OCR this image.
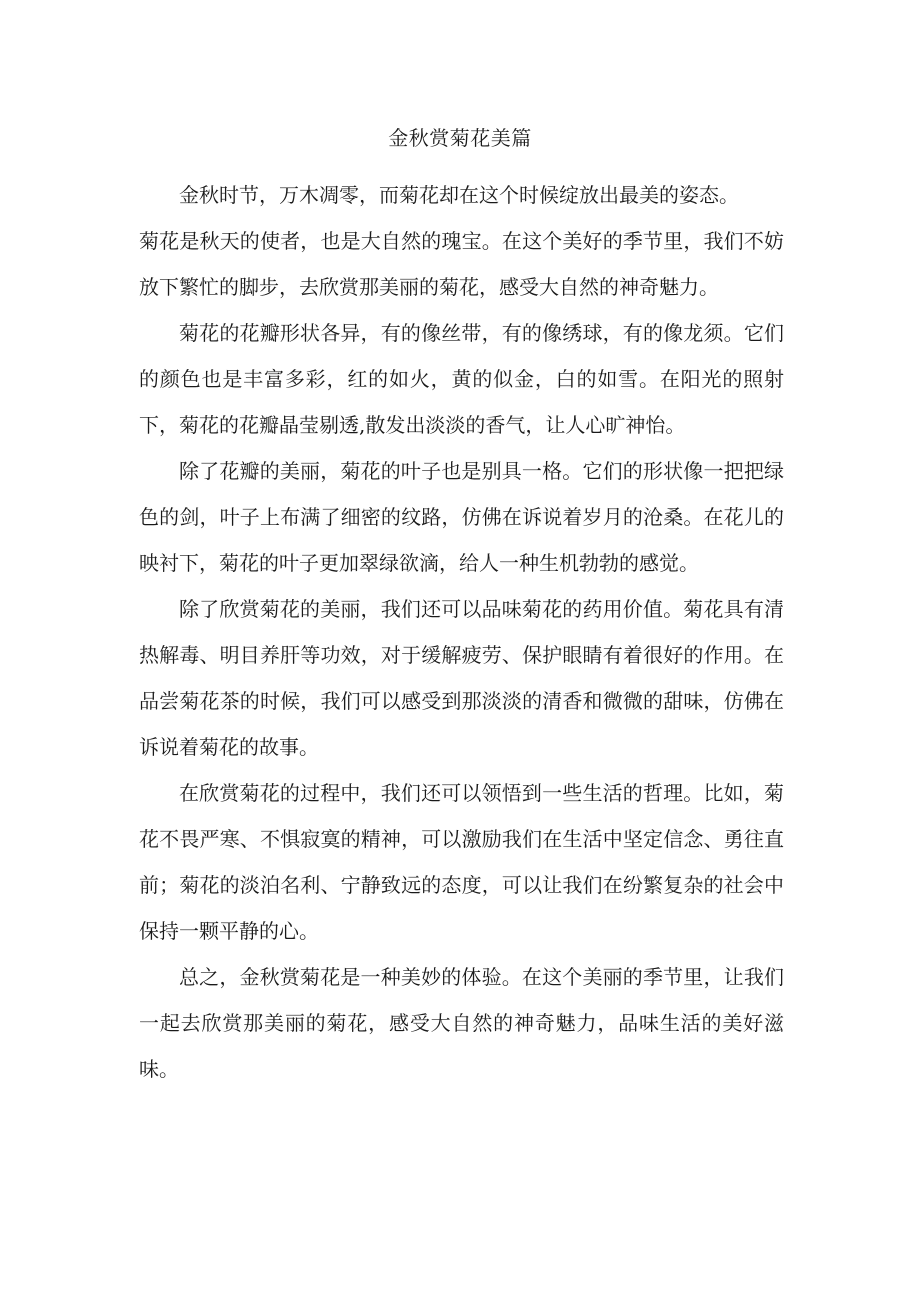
金秋赏菊花美篇

金秋时节，万木凋零，而菊花却在这个时候绽放出最美的姿态。

菊花是秋天的使者，也是大自然的瑰宝。在这个美好的季节里，我们不妨放下繁忙的脚步，去欣赏那美丽的菊花，感受大自然的神奇魅力。

菊花的花瓣形状各异，有的像丝带，有的像绣球，有的像龙须。它们的颜色也是丰富多彩，红的如火，黄的似金，白的如雪。在阳光的照射下，菊花的花瓣晶莹剔透,散发出淡淡的香气，让人心旷神怡。

除了花瓣的美丽，菊花的叶子也是别具一格。它们的形状像一把把绿色的剑，叶子上布满了细密的纹路，仿佛在诉说着岁月的沧桑。在花儿的映衬下，菊花的叶子更加翠绿欲滴，给人一种生机勃勃的感觉。

除了欣赏菊花的美丽，我们还可以品味菊花的药用价值。菊花具有清热解毒、明目养肝等功效，对于缓解疲劳、保护眼睛有着很好的作用。在品尝菊花茶的时候，我们可以感受到那淡淡的清香和微微的甜味，仿佛在诉说着菊花的故事。

在欣赏菊花的过程中，我们还可以领悟到一些生活的哲理。比如，菊花不畏严寒、不惧寂寞的精神，可以激励我们在生活中坚定信念、勇往直前；菊花的淡泊名利、宁静致远的态度，可以让我们在纷繁复杂的社会中保持一颗平静的心。

总之，金秋赏菊花是一种美妙的体验。在这个美丽的季节里，让我们一起去欣赏那美丽的菊花，感受大自然的神奇魅力，品味生活的美好滋味。
